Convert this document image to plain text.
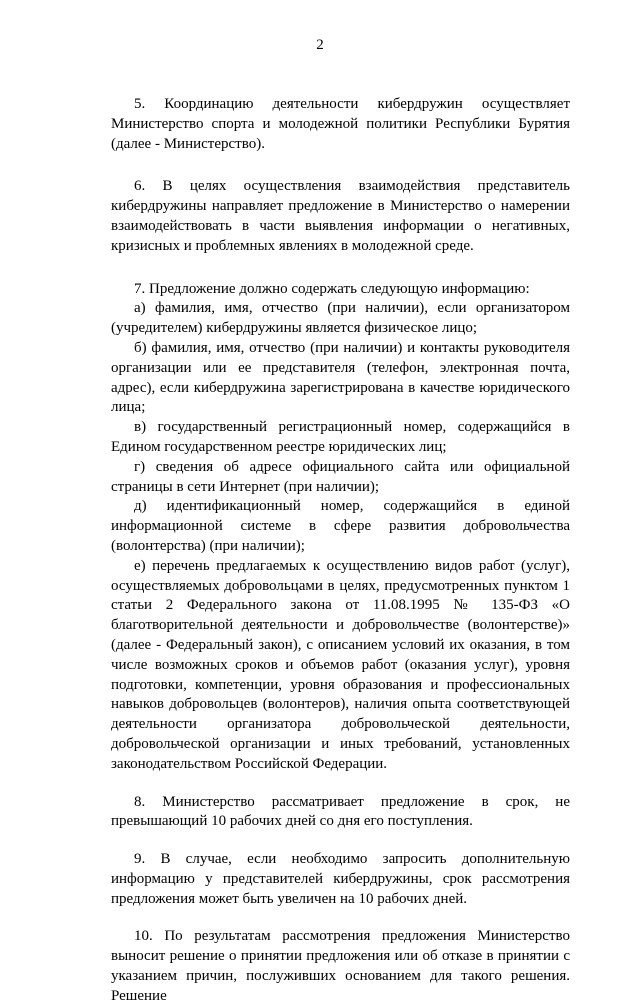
2

5. Координацию деятельности кибердружин осуществляет Министерство спорта и молодежной политики Республики Бурятия (далее - Министерство).

6. В целях осуществления взаимодействия представитель кибердружины направляет предложение в Министерство о намерении взаимодействовать в части выявления информации о негативных, кризисных и проблемных явлениях в молодежной среде.

7. Предложение должно содержать следующую информацию:

а) фамилия, имя, отчество (при наличии), если организатором (учредителем) кибердружины является физическое лицо;

б) фамилия, имя, отчество (при наличии) и контакты руководителя организации или ее представителя (телефон, электронная почта, адрес), если кибердружина зарегистрирована в качестве юридического лица;

в) государственный регистрационный номер, содержащийся в Едином государственном реестре юридических лиц;

г) сведения об адресе официального сайта или официальной страницы в сети Интернет (при наличии);

д) идентификационный номер, содержащийся в единой информационной системе в сфере развития добровольчества (волонтерства) (при наличии);

е) перечень предлагаемых к осуществлению видов работ (услуг), осуществляемых добровольцами в целях, предусмотренных пунктом 1 статьи 2 Федерального закона от 11.08.1995 № 135-ФЗ «О благотворительной деятельности и добровольчестве (волонтерстве)» (далее - Федеральный закон), с описанием условий их оказания, в том числе возможных сроков и объемов работ (оказания услуг), уровня подготовки, компетенции, уровня образования и профессиональных навыков добровольцев (волонтеров), наличия опыта соответствующей деятельности организатора добровольческой деятельности, добровольческой организации и иных требований, установленных законодательством Российской Федерации.

8. Министерство рассматривает предложение в срок, не превышающий 10 рабочих дней со дня его поступления.

9. В случае, если необходимо запросить дополнительную информацию у представителей кибердружины, срок рассмотрения предложения может быть увеличен на 10 рабочих дней.

10. По результатам рассмотрения предложения Министерство выносит решение о принятии предложения или об отказе в принятии с указанием причин, послуживших основанием для такого решения. Решение
